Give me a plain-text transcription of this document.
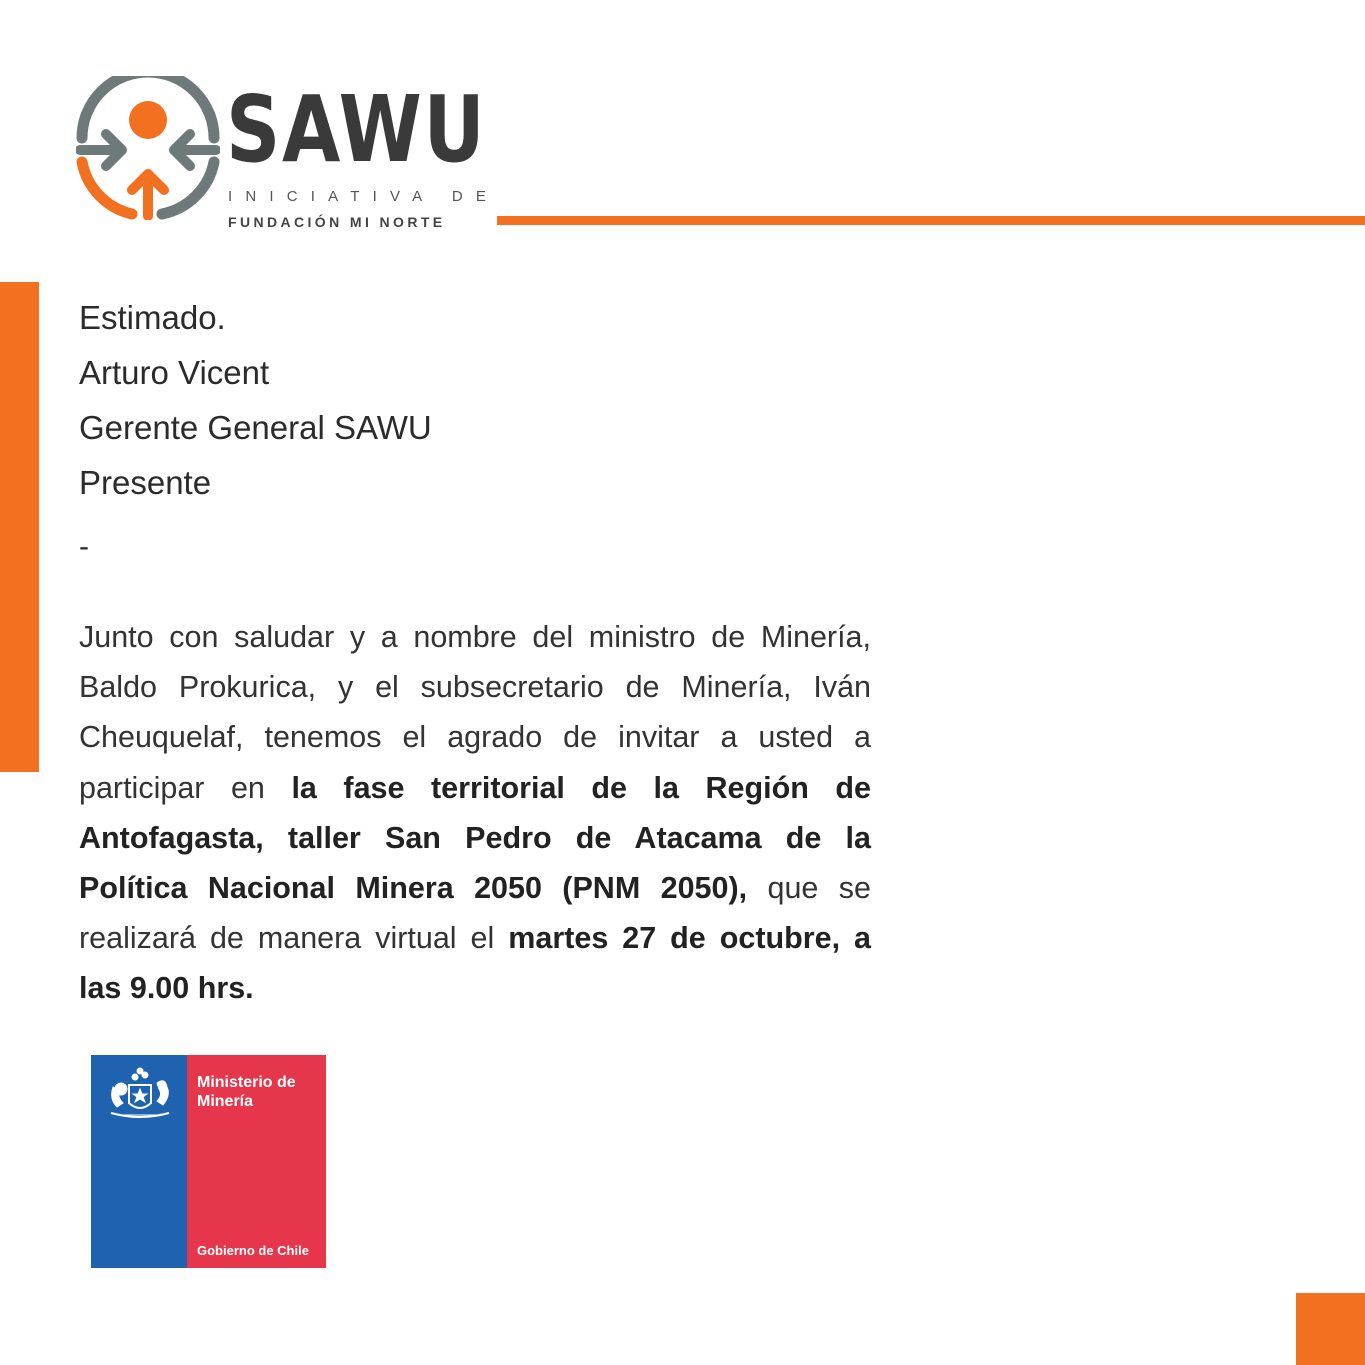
SAWU
INICIATIVA DE
FUNDACIÓN MI NORTE
Estimado.
Arturo Vicent
Gerente General SAWU
Presente
-
Junto con saludar y a nombre del ministro de Minería, Baldo Prokurica, y el subsecretario de Minería, Iván Cheuquelaf, tenemos el agrado de invitar a usted a participar en la fase territorial de la Región de Antofagasta, taller San Pedro de Atacama de la Política Nacional Minera 2050 (PNM 2050), que se realizará de manera virtual el martes 27 de octubre, a las 9.00 hrs.
Ministerio de Minería
Gobierno de Chile
